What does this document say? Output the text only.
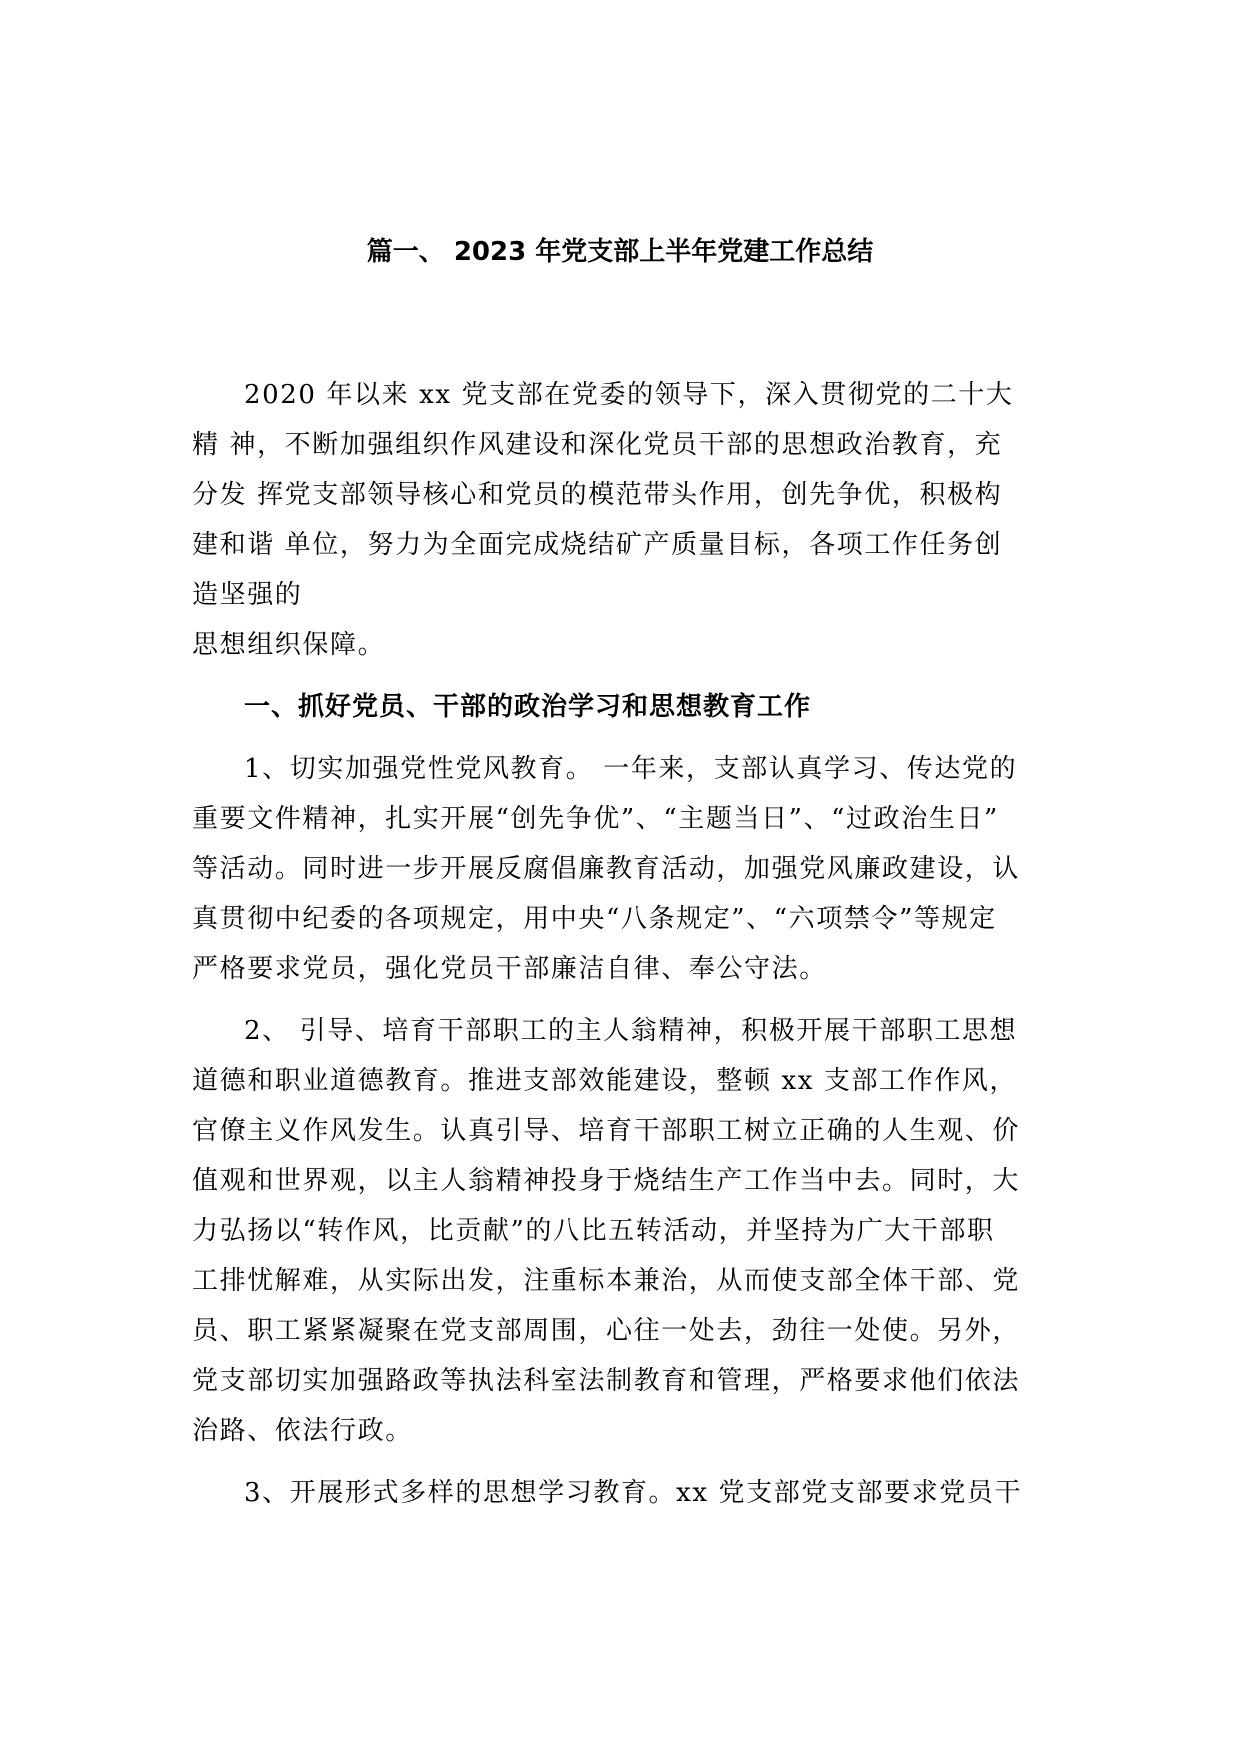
篇一、 2023 年党支部上半年党建工作总结
2020 年以来 xx 党支部在党委的领导下，深入贯彻党的二十大
精 神，不断加强组织作风建设和深化党员干部的思想政治教育，充
分发 挥党支部领导核心和党员的模范带头作用，创先争优，积极构
建和谐 单位，努力为全面完成烧结矿产质量目标，各项工作任务创
造坚强的
思想组织保障。
一、抓好党员、干部的政治学习和思想教育工作
1、切实加强党性党风教育。 一年来，支部认真学习、传达党的
重要文件精神，扎实开展“创先争优”、“主题当日”、“过政治生日”
等活动。同时进一步开展反腐倡廉教育活动，加强党风廉政建设，认
真贯彻中纪委的各项规定，用中央“八条规定”、“六项禁令”等规定
严格要求党员，强化党员干部廉洁自律、奉公守法。
2、 引导、培育干部职工的主人翁精神，积极开展干部职工思想
道德和职业道德教育。推进支部效能建设，整顿 xx 支部工作作风，
官僚主义作风发生。认真引导、培育干部职工树立正确的人生观、价
值观和世界观，以主人翁精神投身于烧结生产工作当中去。同时，大
力弘扬以“转作风，比贡献”的八比五转活动，并坚持为广大干部职
工排忧解难，从实际出发，注重标本兼治，从而使支部全体干部、党
员、职工紧紧凝聚在党支部周围，心往一处去，劲往一处使。另外，
党支部切实加强路政等执法科室法制教育和管理，严格要求他们依法
治路、依法行政。
3、开展形式多样的思想学习教育。xx 党支部党支部要求党员干
